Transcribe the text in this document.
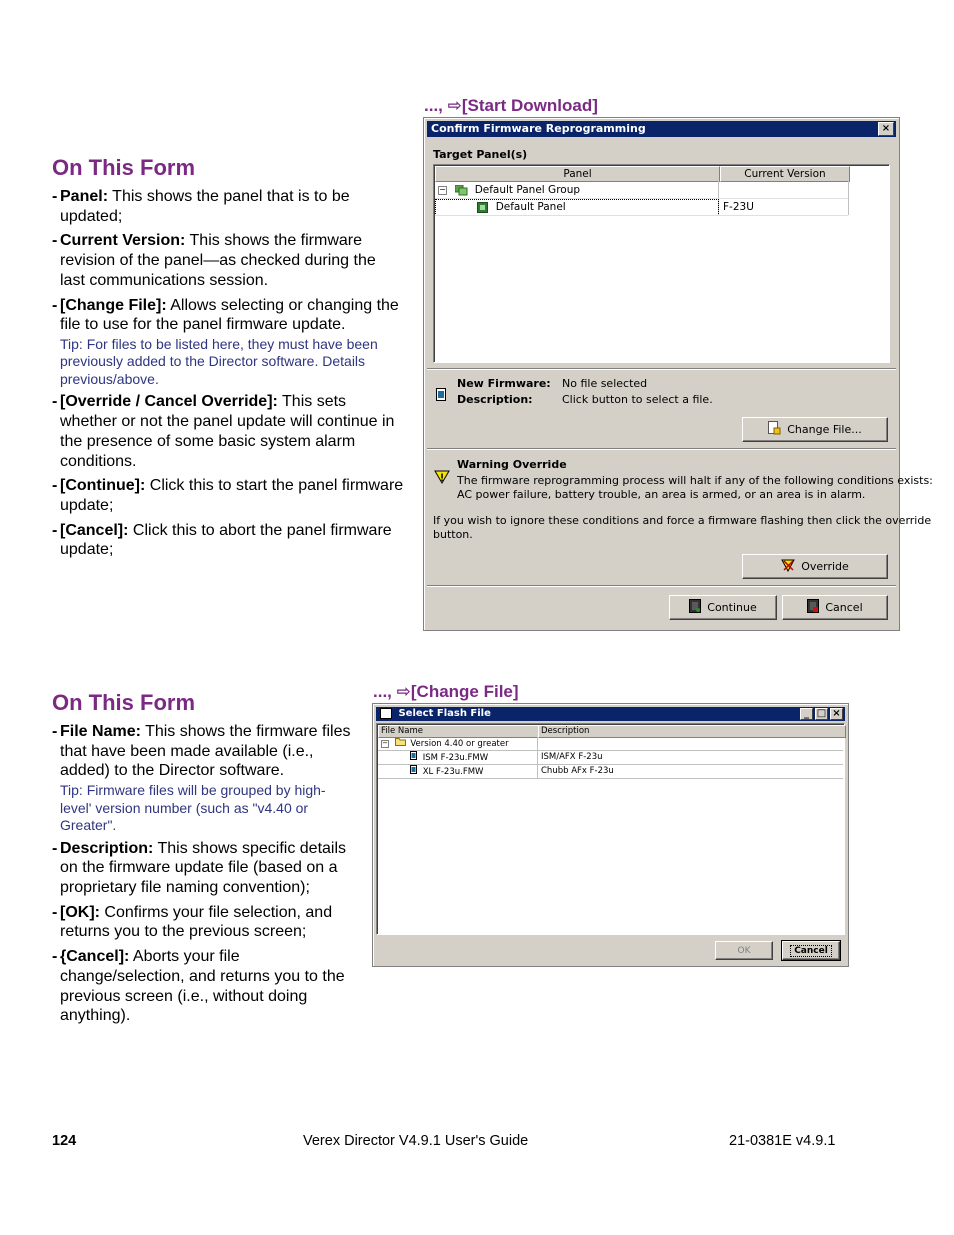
..., ⇨[Start Download]
On This Form
- Panel: This shows the panel that is to be updated;
- Current Version: This shows the firmware revision of the panel—as checked during the last communications session.
- [Change File]: Allows selecting or changing the file to use for the panel firmware update.
Tip: For files to be listed here, they must have been previously added to the Director software. Details previous/above.
- [Override / Cancel Override]: This sets whether or not the panel update will continue in the presence of some basic system alarm conditions.
- [Continue]: Click this to start the panel firmware update;
- [Cancel]: Click this to abort the panel firmware update;
Confirm Firmware Reprogramming	×
Target Panel(s)
Panel	Current Version
−	Default Panel Group
Default Panel	F-23U
New Firmware: No file selected
Description:	Click button to select a file.
Change File...
Warning Override
The firmware reprogramming process will halt if any of the following conditions exists:
AC power failure, battery trouble, an area is armed, or an area is in alarm.
If you wish to ignore these conditions and force a firmware flashing then click the override
button.
Override
Continue	Cancel
..., ⇨[Change File]
On This Form
- File Name: This shows the firmware files that have been made available (i.e., added) to the Director software.
Tip: Firmware files will be grouped by high-level' version number (such as "v4.40 or Greater".
- Description: This shows specific details on the firmware update file (based on a proprietary file naming convention);
- [OK]: Confirms your file selection, and returns you to the previous screen;
- {Cancel]: Aborts your file change/selection, and returns you to the previous screen (i.e., without doing anything).
Select Flash File	_ □ ×
File Name	Description
−	Version 4.40 or greater
ISM F-23u.FMW	ISM/AFX F-23u
XL F-23u.FMW	Chubb AFx F-23u
OK	Cancel
124	Verex Director V4.9.1 User's Guide	21-0381E v4.9.1
